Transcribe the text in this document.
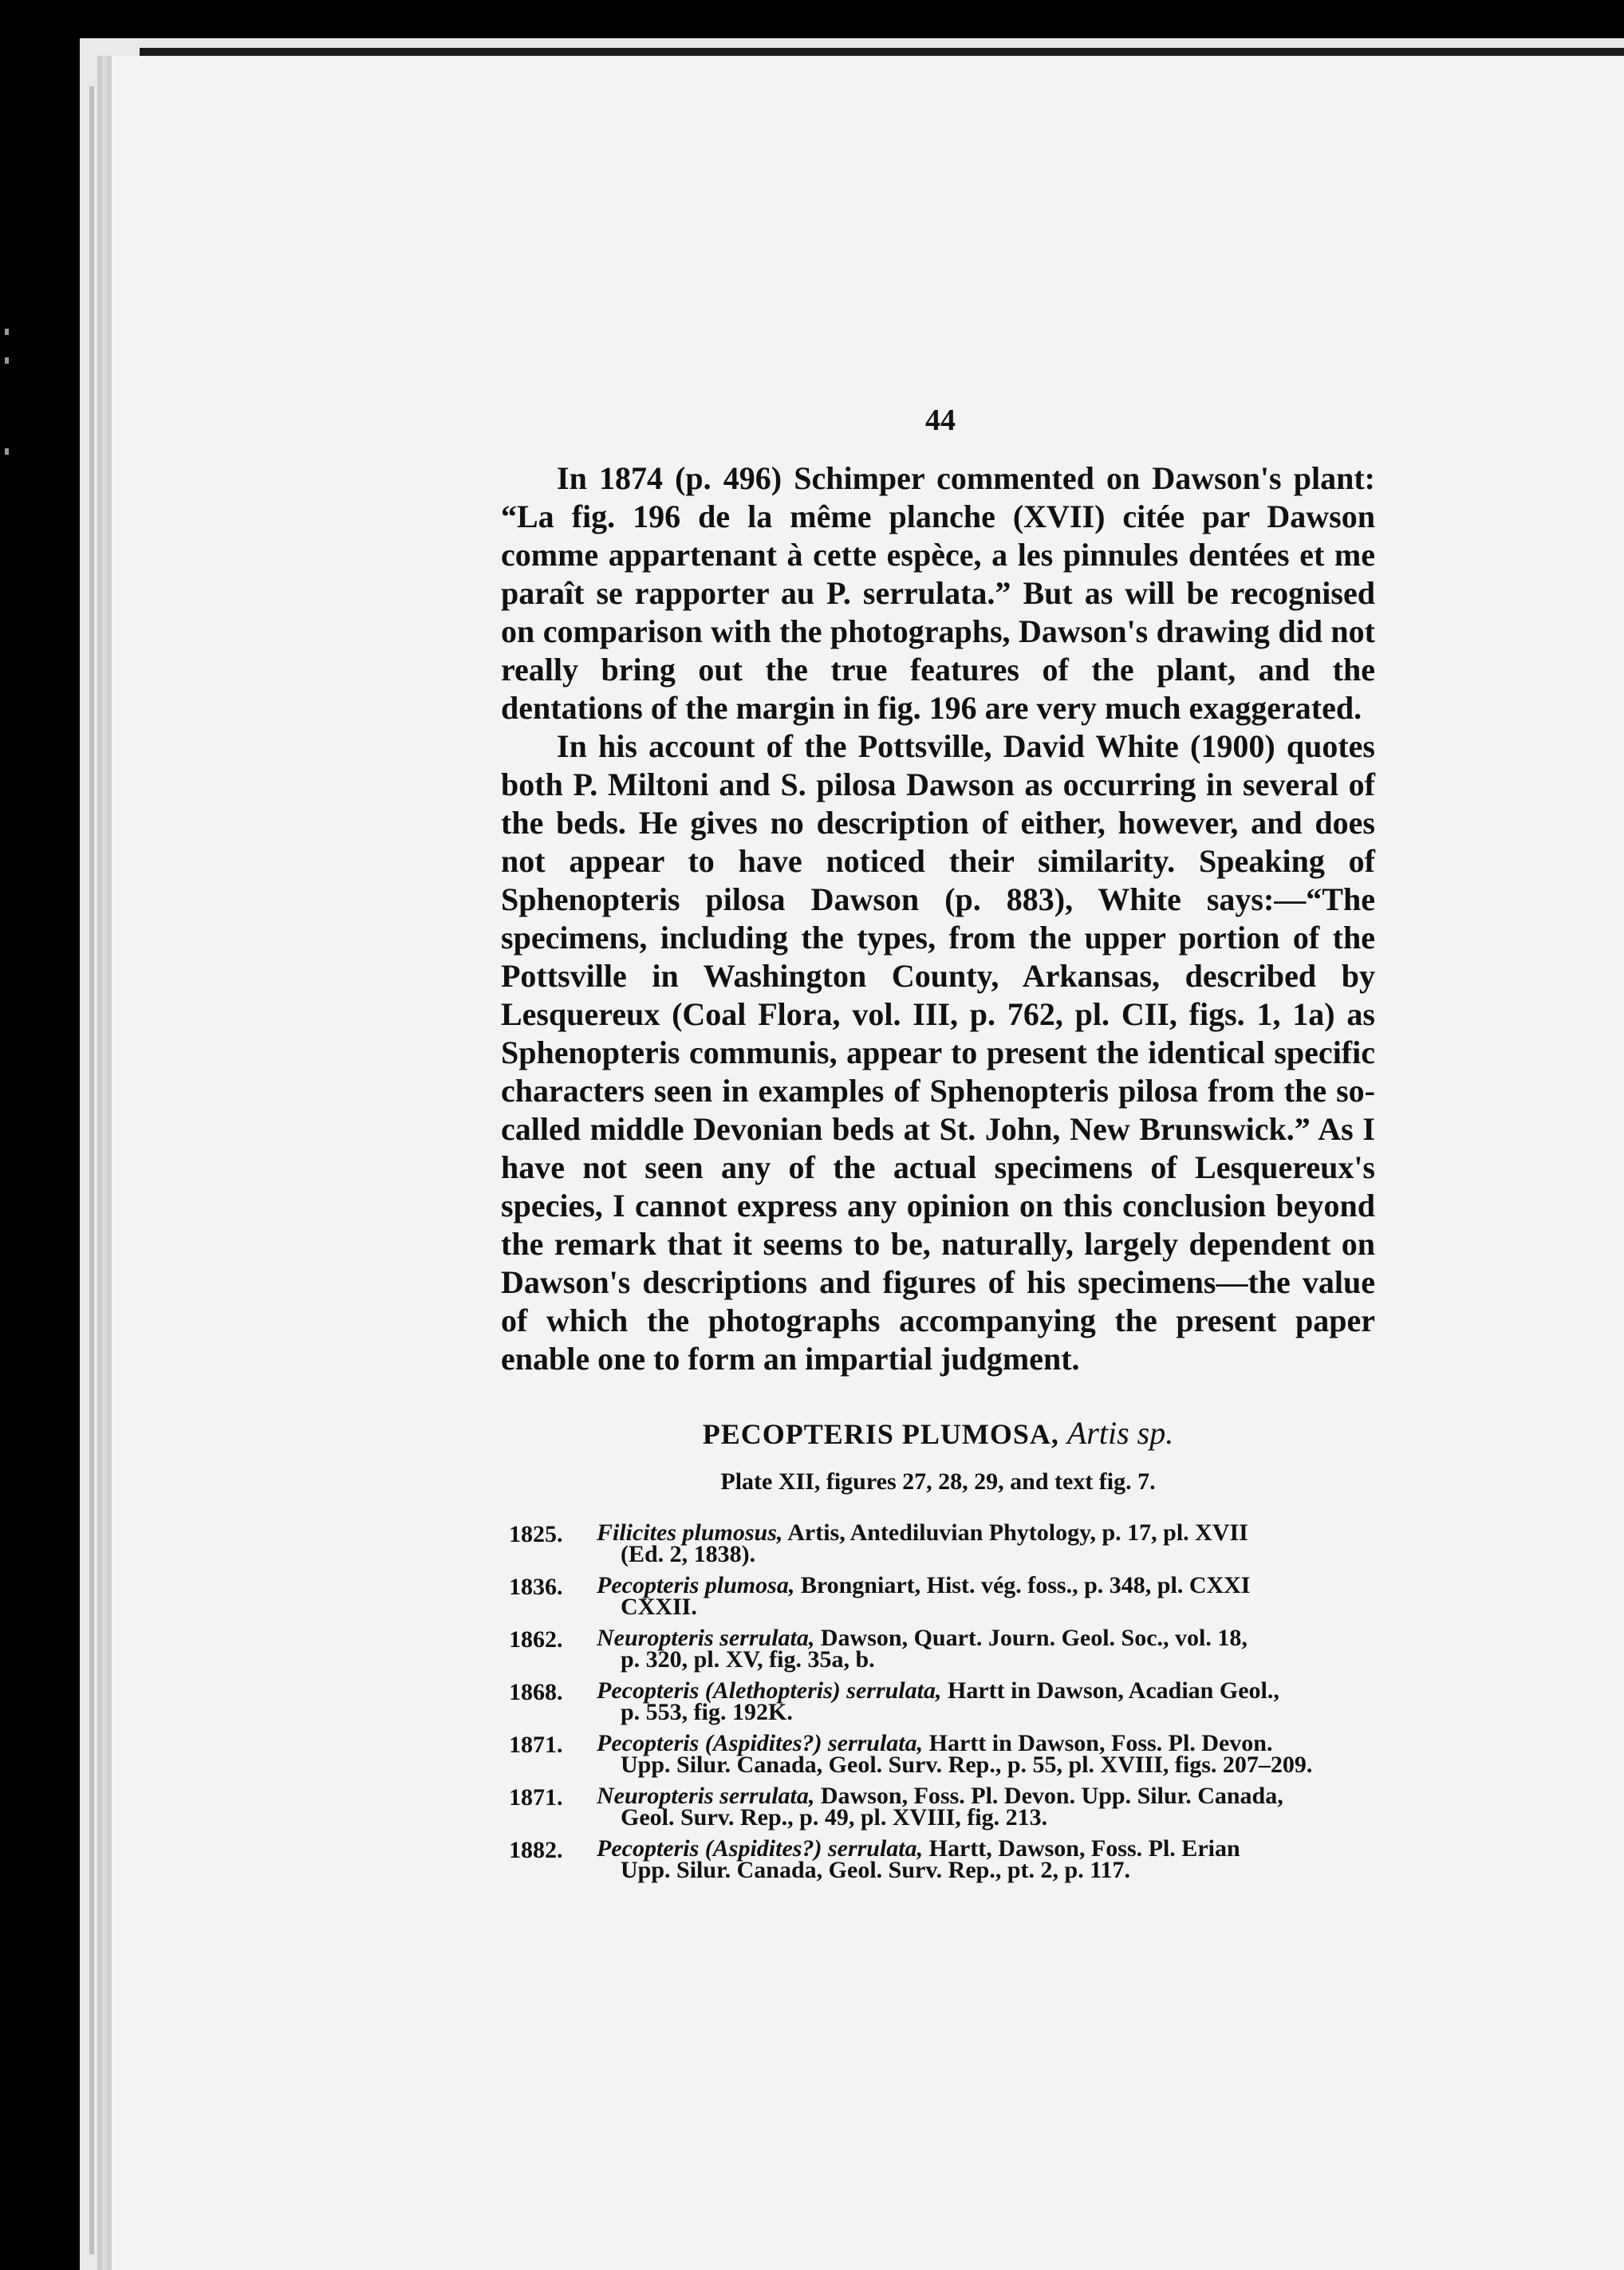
44

In 1874 (p. 496) Schimper commented on Dawson's plant: “La fig. 196 de la même planche (XVII) citée par Dawson comme appartenant à cette espèce, a les pinnules dentées et me paraît se rapporter au P. serrulata.” But as will be recognised on comparison with the photographs, Dawson's drawing did not really bring out the true features of the plant, and the dentations of the margin in fig. 196 are very much exaggerated.

In his account of the Pottsville, David White (1900) quotes both P. Miltoni and S. pilosa Dawson as occurring in several of the beds. He gives no description of either, however, and does not appear to have noticed their similarity. Speaking of Sphenopteris pilosa Dawson (p. 883), White says:—“The specimens, including the types, from the upper portion of the Pottsville in Washington County, Arkansas, described by Lesquereux (Coal Flora, vol. III, p. 762, pl. CII, figs. 1, 1a) as Sphenopteris communis, appear to present the identical specific characters seen in examples of Sphenopteris pilosa from the so-called middle Devonian beds at St. John, New Brunswick.” As I have not seen any of the actual specimens of Lesquereux's species, I cannot express any opinion on this conclusion beyond the remark that it seems to be, naturally, largely dependent on Dawson's descriptions and figures of his specimens—the value of which the photographs accompanying the present paper enable one to form an impartial judgment.

PECOPTERIS PLUMOSA, Artis sp.
Plate XII, figures 27, 28, 29, and text fig. 7.
1825.	Filicites plumosus, Artis, Antediluvian Phytology, p. 17, pl. XVII
(Ed. 2, 1838).
1836.	Pecopteris plumosa, Brongniart, Hist. vég. foss., p. 348, pl. CXXI
CXXII.
1862.	Neuropteris serrulata, Dawson, Quart. Journ. Geol. Soc., vol. 18,
p. 320, pl. XV, fig. 35a, b.
1868.	Pecopteris (Alethopteris) serrulata, Hartt in Dawson, Acadian Geol.,
p. 553, fig. 192K.
1871.	Pecopteris (Aspidites?) serrulata, Hartt in Dawson, Foss. Pl. Devon.
Upp. Silur. Canada, Geol. Surv. Rep., p. 55, pl. XVIII, figs. 207–209.
1871.	Neuropteris serrulata, Dawson, Foss. Pl. Devon. Upp. Silur. Canada,
Geol. Surv. Rep., p. 49, pl. XVIII, fig. 213.
1882.	Pecopteris (Aspidites?) serrulata, Hartt, Dawson, Foss. Pl. Erian
Upp. Silur. Canada, Geol. Surv. Rep., pt. 2, p. 117.
